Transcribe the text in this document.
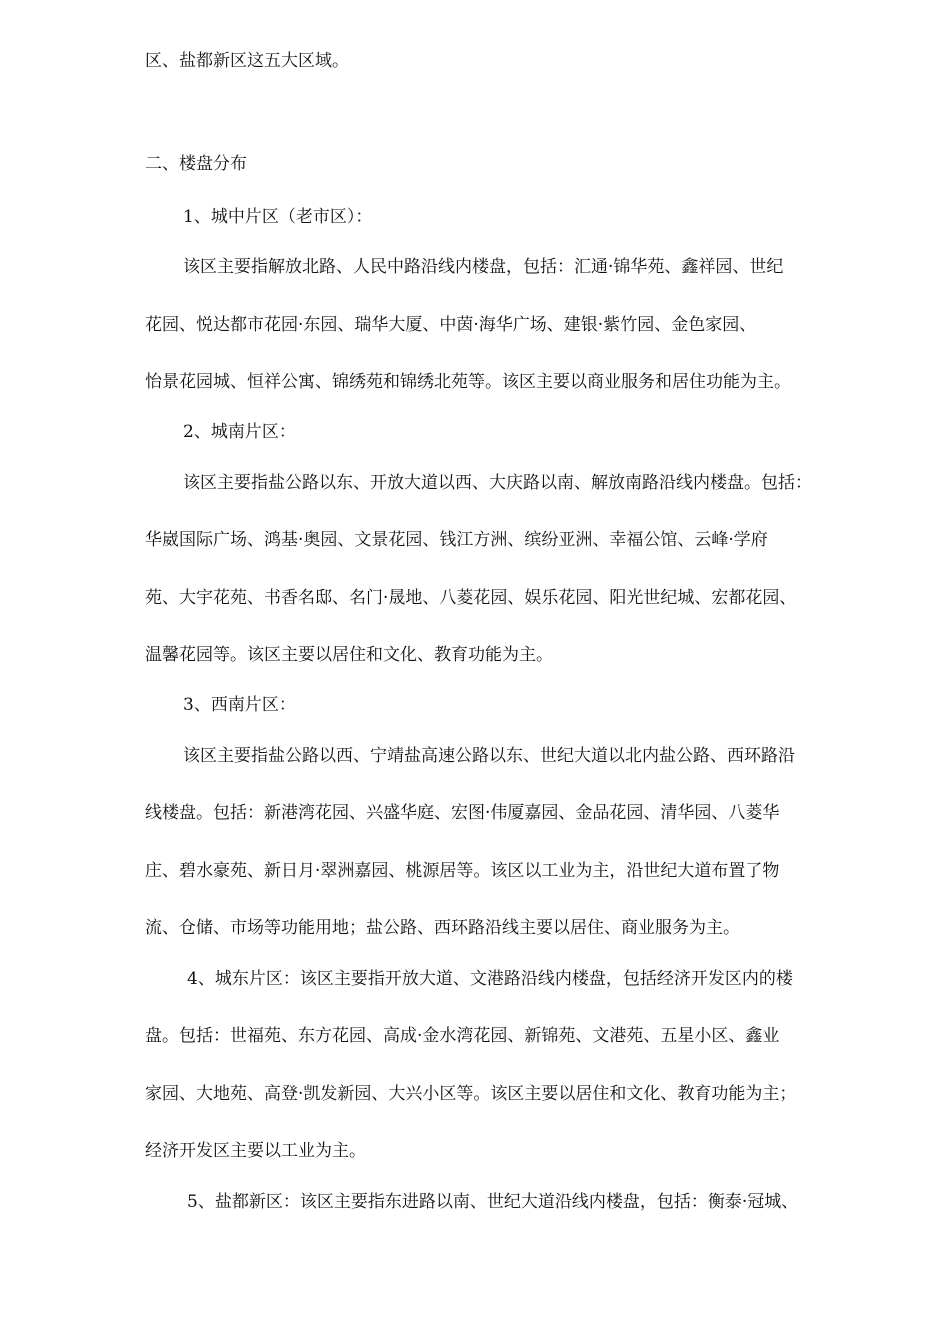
区、盐都新区这五大区域。
二、楼盘分布
1、城中片区（老市区）：
该区主要指解放北路、人民中路沿线内楼盘，包括：汇通·锦华苑、鑫祥园、世纪
花园、悦达都市花园·东园、瑞华大厦、中茵·海华广场、建银·紫竹园、金色家园、
怡景花园城、恒祥公寓、锦绣苑和锦绣北苑等。该区主要以商业服务和居住功能为主。
2、城南片区：
该区主要指盐公路以东、开放大道以西、大庆路以南、解放南路沿线内楼盘。包括：
华崴国际广场、鸿基·奥园、文景花园、钱江方洲、缤纷亚洲、幸福公馆、云峰·学府
苑、大宇花苑、书香名邸、名门·晟地、八菱花园、娱乐花园、阳光世纪城、宏都花园、
温馨花园等。该区主要以居住和文化、教育功能为主。
3、西南片区：
该区主要指盐公路以西、宁靖盐高速公路以东、世纪大道以北内盐公路、西环路沿
线楼盘。包括：新港湾花园、兴盛华庭、宏图·伟厦嘉园、金品花园、清华园、八菱华
庄、碧水豪苑、新日月·翠洲嘉园、桃源居等。该区以工业为主，沿世纪大道布置了物
流、仓储、市场等功能用地；盐公路、西环路沿线主要以居住、商业服务为主。
4、城东片区：该区主要指开放大道、文港路沿线内楼盘，包括经济开发区内的楼
盘。包括：世福苑、东方花园、高成·金水湾花园、新锦苑、文港苑、五星小区、鑫业
家园、大地苑、高登·凯发新园、大兴小区等。该区主要以居住和文化、教育功能为主；
经济开发区主要以工业为主。
5、盐都新区：该区主要指东进路以南、世纪大道沿线内楼盘，包括：衡泰·冠城、
